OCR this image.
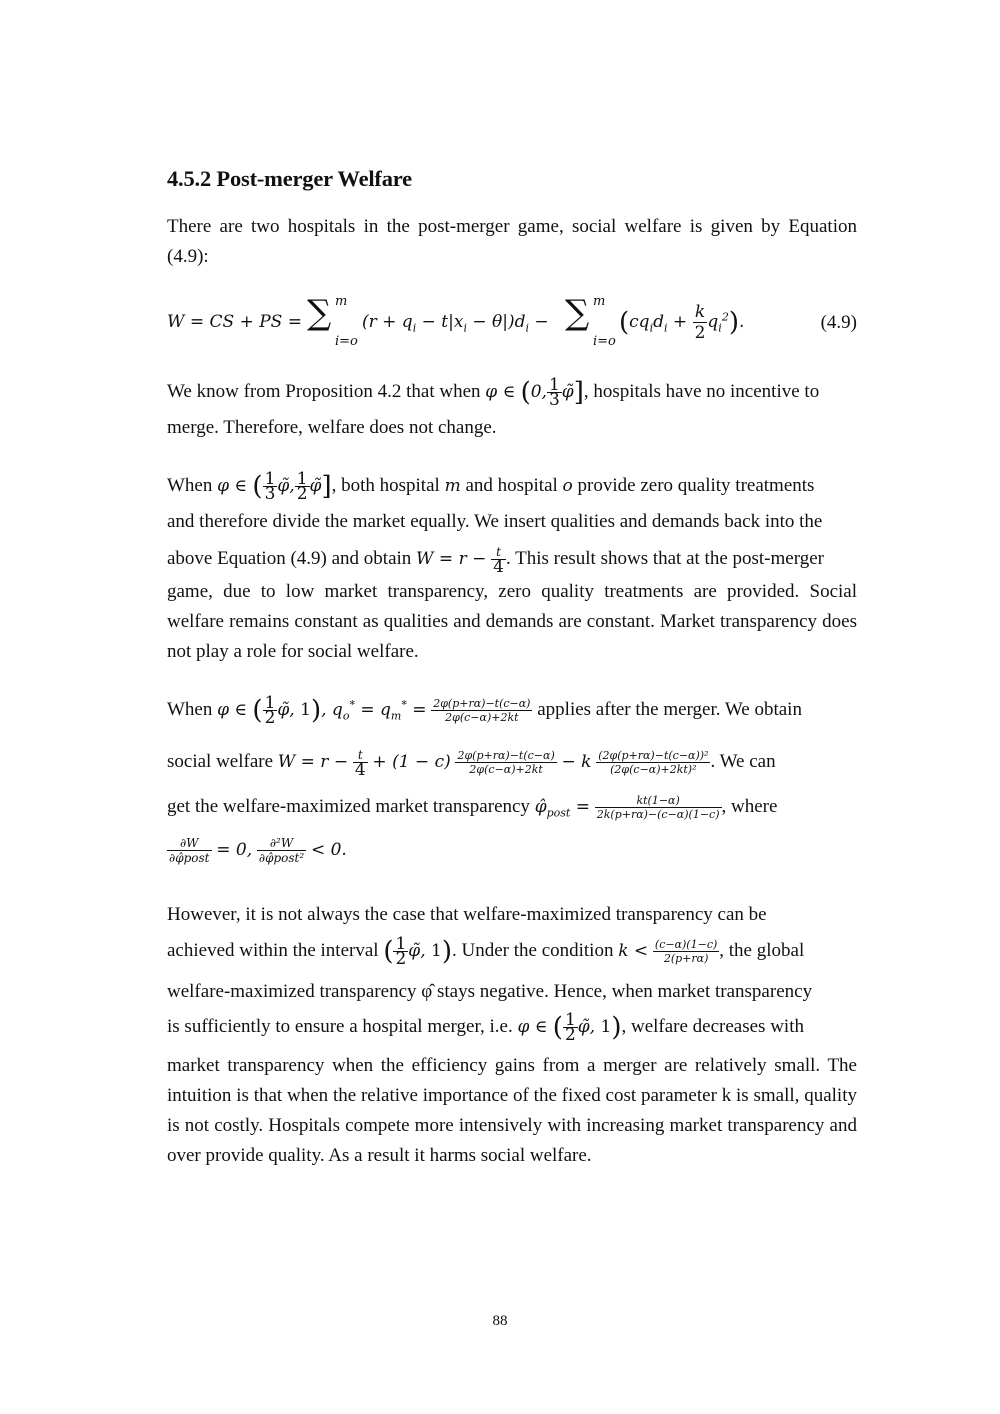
4.5.2 Post-merger Welfare

There are two hospitals in the post-merger game, social welfare is given by Equation (4.9):

W = CS + PS = ∑ m
i=o
$(r + q_i - t|x_i - \theta|)d_i$ − ∑ m
i=o
$(cq_id_i + \frac{k}{2} q_i^2)$.	(4.9)
We know from Proposition 4.2 that when φ ∈ (0, $\frac{1}{3}$ φ̃], hospitals have no incentive to
merge. Therefore, welfare does not change.
When φ ∈ ( $\frac{1}{3}$ φ̃, $\frac{1}{2}$ φ̃], both hospital m and hospital o provide zero quality treatments
and therefore divide the market equally. We insert qualities and demands back into the
above Equation (4.9) and obtain $W = r - \frac{t}{4}$ . This result shows that at the post-merger

game, due to low market transparency, zero quality treatments are provided. Social welfare remains constant as qualities and demands are constant. Market transparency does not play a role for social welfare.

When φ ∈ ( $\frac{1}{2}$ φ̃, 1), $q_o^* = q_m^* = \frac{2\varphi(p+r\alpha)-t(c-\alpha)}{2\varphi(c-\alpha)+2kt}$ applies after the merger. We obtain
social welfare $W = r - \frac{t}{4} + (1 - c) \frac{2\varphi(p+r\alpha)-t(c-\alpha)}{2\varphi(c-\alpha)+2kt} - k \frac{\text{(2φ(p+rα)−t(c−α))²}}{\text{(2φ(c−α)+2kt)²}}$ . We can
get the welfare-maximized market transparency $\varphî_{post} = \frac{kt(1-\alpha)}{2k(p+r\alpha)-(c-\alpha)(1-c)}$ , where
$\frac{\partial W}{\text{∂φ̂post}} = 0$, $\frac{\text{∂²W}}{\text{∂φ̂post²}} < 0$.
However, it is not always the case that welfare-maximized transparency can be
achieved within the interval ( $\frac{1}{2}$ φ̃, 1). Under the condition $k < \frac{(c-\alpha)(1-c)}{2(p+r\alpha)}$ , the global
welfare-maximized transparency φ̂ stays negative. Hence, when market transparency
is sufficiently to ensure a hospital merger, i.e. φ ∈ ( $\frac{1}{2}$ φ̃, 1), welfare decreases with

market transparency when the efficiency gains from a merger are relatively small. The intuition is that when the relative importance of the fixed cost parameter k is small, quality is not costly. Hospitals compete more intensively with increasing market transparency and over provide quality. As a result it harms social welfare.

88
